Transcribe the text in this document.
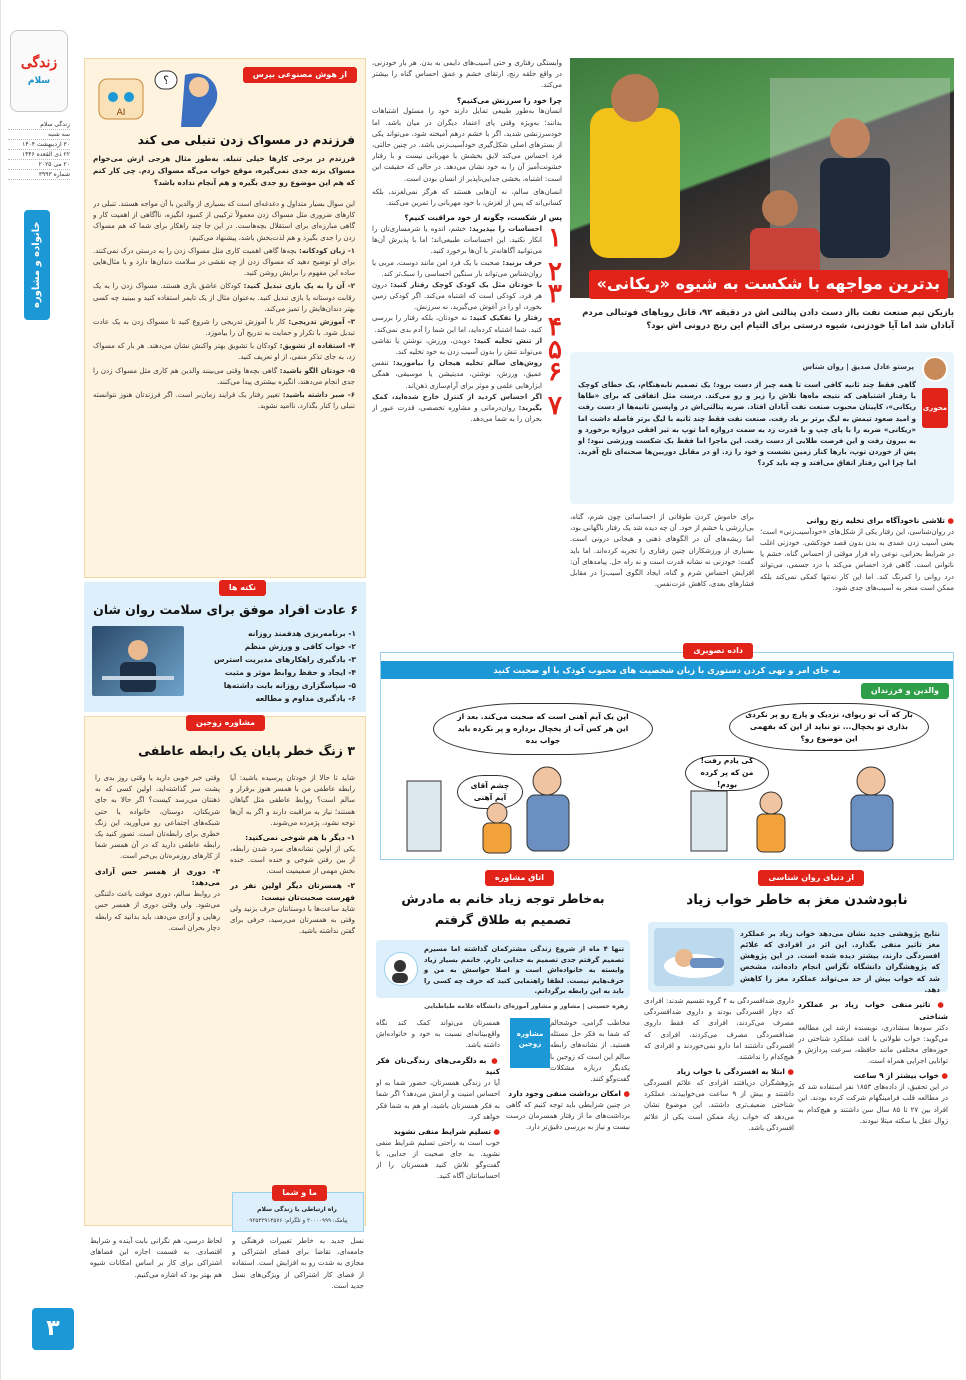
زندگی
سلام
زندگی سلام
سه شنبه
۳۰ اردیبهشت ۱۴۰۴
۲۲ ذی القعده ۱۴۴۶
۲۰ می ۲۰۲۵
شماره ۳۹۹۳
خانواده و مشاوره
۳
AI
؟	از هوش مصنوعی بپرس
فرزندم در مسواک زدن تنبلی می کند
فرزندم در برخی کارها خیلی تنبله. به‌طور مثال هرجی ازش می‌خوام مسواک بزنه جدی نمی‌گیره، موقع خواب می‌گه مسواک زدم. چی کار کنم که هم این موضوع رو جدی بگیره و هم آنجام نداده باشد؟

این سوال بسیار متداول و دغدغه‌ای است که بسیاری از والدین با آن مواجه هستند. تنبلی در کارهای ضروری مثل مسواک زدن معمولاً ترکیبی از کمبود انگیزه، ناآگاهی از اهمیت کار و گاهی مبارزه‌ای برای استقلال بچه‌هاست. در این جا چند راهکار برای شما که هم مسواک زدن را جدی بگیرد و هم لذت‌بخش باشد، پیشنهاد می‌کنیم:

۱- زبان کودکانه: بچه‌ها گاهی اهمیت کاری مثل مسواک زدن را به درستی درک نمی‌کنند. برای او توضیح دهید که مسواک زدن از چه نقشی در سلامت دندان‌ها دارد و با مثال‌هایی ساده این مفهوم را برایش روشن کنید.

۲- آن را به یک بازی تبدیل کنید: کودکان عاشق بازی هستند. مسواک زدن را به یک رقابت دوستانه یا بازی تبدیل کنید. به‌عنوان مثال از یک تایمر استفاده کنید و ببینید چه کسی بهتر دندان‌هایش را تمیز می‌کند.

۳- آموزش تدریجی: کار با آموزش تدریجی را شروع کنید تا مسواک زدن به یک عادت تبدیل شود. با تکرار و حمایت به تدریج آن را بیاموزد.

۴- استفاده از تشویق: کودکان با تشویق بهتر واکنش نشان می‌دهند. هر بار که مسواک زد، به جای تذکر منفی، از او تعریف کنید.

۵- خودتان الگو باشید: گاهی بچه‌ها وقتی می‌بینند والدین هم کاری مثل مسواک زدن را جدی انجام می‌دهند، انگیزه بیشتری پیدا می‌کنند.

۶- صبر داشته باشید: تغییر رفتار یک فرایند زمان‌بر است. اگر فرزندتان هنوز نتوانسته تنبلی را کنار بگذارد، ناامید نشوید.

نکته ها
۶ عادت افراد موفق برای سلامت روان شان
۱- برنامه‌ریزی هدفمند روزانه
۲- خواب کافی و ورزش منظم
۳- یادگیری راهکارهای مدیریت استرس
۴- ایجاد و حفظ روابط موثر و مثبت
۵- سپاسگزاری روزانه بابت داشته‌ها
۶- یادگیری مداوم و مطالعه
مشاوره زوجین
۳ زنگ خطر پایان یک رابطه عاطفی

شاید تا حالا از خودتان پرسیده باشید: آیا رابطه عاطفی من با همسر هنوز برقرار و سالم است؟ روابط عاطفی مثل گیاهان هستند؛ نیاز به مراقبت دارند و اگر به آن‌ها توجه نشود، پژمرده می‌شوند.

۱- دیگر با هم شوخی نمی‌کنید:

یکی از اولین نشانه‌های سرد شدن رابطه، از بین رفتن شوخی و خنده است. خنده بخش مهمی از صمیمیت است.

۲- همسرتان دیگر اولین نفر در فهرست صحبت‌تان نیست:

شاید ساعت‌ها با دوستانتان حرف بزنید ولی وقتی به همسرتان می‌رسید، حرفی برای گفتن نداشته باشید.

وقتی خبر خوبی دارید یا وقتی روز بدی را پشت سر گذاشته‌اید، اولین کسی که به ذهنتان می‌رسد کیست؟ اگر حالا به جای شریکتان، دوستان، خانواده یا حتی شبکه‌های اجتماعی رو می‌آورید، این زنگ خطری برای رابطه‌تان است. تصور کنید یک رابطه عاطفی دارید که در آن همسر شما از کارهای روزمره‌تان بی‌خبر است.

۳- دوری از همسر حس آزادی می‌دهد:

در روابط سالم، دوری موقت باعث دلتنگی می‌شود. ولی وقتی دوری از همسر حس رهایی و آزادی می‌دهد، باید بدانید که رابطه دچار بحران است.

نسل جدید به خاطر تغییرات فرهنگی و جامعه‌ای، تقاضا برای فضای اشتراکی و مجازی به شدت رو به افزایش است. استفاده از فضای کار اشتراکی از ویژگی‌های نسل جدید است.
لحاظ درسی، هم نگرانی بابت آینده و شرایط اقتصادی. به قسمت اجاره این فضاهای اشتراکی برای کار بر اساس امکانات شیوه هم بهتر بود که اشاره می‌کنیم.
بدترین مواجهه با شکست به شیوه «ریکانی»
بازیکن تیم صنعت نفت بااز دست دادن پنالتی اش در دقیقه ۹۲، قاتل رویاهای فوتبالی مردم آبادان شد اما آیا خودزنی، شیوه درستی برای التیام این رنج درونی اش بود؟
پرستو عادل صدیق | روان شناس
محوری
گاهی فقط چند ثانیه کافی است تا همه چیز از دست برود؛ یک تصمیم نابه‌هنگام، یک خطای کوچک یا رفتار اشتباهی که نتیجه ماه‌ها تلاش را زیر و رو می‌کند. درست مثل اتفاقی که برای «طاها ریکانی»، کاپیتان محبوب صنعت نفت آبادان افتاد. ضربه پنالتی‌اش در واپسین ثانیه‌ها از دست رفت و امید صعود تیمش به لیگ برتر بر باد رفت. صنعت نفت فقط چند ثانیه با لیگ برتر فاصله داشت اما «ریکانی» ضربه را با پای چپ و با قدرت زد به سمت دروازه اما توپ به تیر افقی دروازه برخورد و به بیرون رفت و این فرصت طلایی از دست رفت. این ماجرا اما فقط یک شکست ورزشی نبود؛ او پس از خوردن توپ، بارها کنار زمین نشست و خود را زد. او در مقابل دوربین‌ها صحنه‌ای تلخ آفرید. اما چرا این رفتار اتفاق می‌افتد و چه باید کرد؟

وابستگی رفتاری و حتی آسیب‌های دایمی به بدن. هر بار خودزنی، در واقع حلقه رنج، ارتقای خشم و عمق احساس گناه را بیشتر می‌کند.

چرا خود را سرزنش می‌کنیم؟

انسان‌ها به‌طور طبیعی تمایل دارند خود را مسئول اشتباهات بدانند؛ به‌ویژه وقتی پای اعتماد دیگران در میان باشد. اما خودسرزنشی شدید، اگر با خشم درهم آمیخته شود، می‌تواند یکی از بسترهای اصلی شکل‌گیری خودآسیب‌زنی باشد. در چنین حالتی، فرد احساس می‌کند لایق بخشش یا مهربانی نیست و با رفتار خشونت‌آمیز آن را به خود نشان می‌دهد. در حالی که حقیقت این است: اشتباه، بخشی جدایی‌ناپذیر از انسان بودن است.

انسان‌های سالم، نه آن‌هایی هستند که هرگز نمی‌لغزند، بلکه کسانی‌اند که پس از لغزش، با خود مهربانی را تمرین می‌کنند.

پس از شکست، چگونه از خود مراقبت کنیم؟
۱
احساسات را بپذیرید: خشم، اندوه یا شرمساری‌تان را انکار نکنید. این احساسات طبیعی‌اند؛ اما با پذیرش آن‌ها می‌توانید آگاهانه‌تر با آن‌ها برخورد کنید.
۲
حرف بزنید: صحبت با یک فرد امن مانند دوست، مربی یا روان‌شناس می‌تواند بار سنگین احساسی را سبک‌تر کند.
۳
با خودتان مثل یک کودک کوچک رفتار کنید: درون هر فرد، کودکی است که اشتباه می‌کند. اگر کودکی زمین بخورد، او را در آغوش می‌گیرید، نه سرزنش.
۴
رفتار را تفکیک کنید: نه خودتان، بلکه رفتار را بررسی کنید. شما اشتباه کرده‌اید، اما این شما را آدم بدی نمی‌کند.
۵
از تنش تخلیه کنید: دویدن، ورزش، نوشتن یا نقاشی می‌تواند تنش را بدون آسیب زدن به خود تخلیه کند.
۶
روش‌های سالم تخلیه هیجان را بیاموزید: تنفس عمیق، ورزش، نوشتن، مدیتیشن یا موسیقی، همگی ابزارهایی علمی و موثر برای آرام‌سازی ذهن‌اند.
۷
اگر احساس کردید از کنترل خارج شده‌اید، کمک بگیرید: روان‌درمانی و مشاوره تخصصی، قدرت عبور از بحران را به شما می‌دهد.
● تلاشی ناخودآگاه برای تخلیه رنج روانی

در روان‌شناسی، این رفتار یکی از شکل‌های «خودآسیب‌زنی» است؛ یعنی آسیب زدن عمدی به بدن بدون قصد خودکشی. خودزنی اغلب در شرایط بحرانی، نوعی راه فرار موقتی از احساس گناه، خشم یا ناتوانی است. گاهی فرد احساس می‌کند با درد جسمی، می‌تواند درد روانی را کمرنگ کند. اما این کار نه‌تنها کمکی نمی‌کند بلکه ممکن است منجر به آسیب‌های جدی شود.

برای خاموش کردن طوفانی از احساساتی چون شرم، گناه، بی‌ارزشی یا خشم از خود. آن چه دیده شد یک رفتار ناگهانی بود، اما ریشه‌های آن در الگوهای ذهنی و هیجانی درونی است. بسیاری از ورزشکاران چنین رفتاری را تجربه کرده‌اند. اما باید گفت: خودزنی نه نشانه قدرت است و نه راه حل. پیامدهای آن: افزایش احساس شرم و گناه، ایجاد الگوی آسیب‌زا در مقابل فشارهای بعدی، کاهش عزت‌نفس.

داده تصویری
به جای امر و نهی کردن دستوری با زبان شخصیت های محبوب کودک با او صحبت کنید
والدین و فرزندان
بار که آب تو ریوای، نزدیک و پارچ رو پر نکردی بذاری تو یخچال... تو نباید از این که بفهمی این موضوع رو؟
کی یادم رفت! من که پر کرده بودم!
این یک آیم آهنی است که صحبت می‌کند. بعد از این هر کس آب از یخچال برداره و پر نکرده باید جواب بده
چشم آقای آیم آهنی
از دنیای روان شناسی
نابودشدن مغز به خاطر خواب زیاد
نتایج پژوهشی جدید نشان می‌دهد خواب زیاد بر عملکرد مغز تاثیر منفی بگذارد. این اثر در افرادی که علائم افسردگی دارند، بیشتر دیده شده است. در این پژوهش که پژوهشگران دانشگاه تگزاس انجام داده‌اند، مشخص شد که خواب بیش از حد می‌تواند عملکرد مغز را کاهش دهد.
● تاثیر منفی خواب زیاد بر عملکرد شناختی

دکتر سودها سشادری، نویسنده ارشد این مطالعه می‌گوید: خواب طولانی با افت عملکرد شناختی در حوزه‌های مختلفی مانند حافظه، سرعت پردازش و توانایی اجرایی همراه است.

● خواب بیشتر از ۹ ساعت

در این تحقیق، از داده‌های ۱۸۵۳ نفر استفاده شد که در مطالعه قلب فرامینگهام شرکت کرده بودند. این افراد بین ۲۷ تا ۸۵ سال سن داشتند و هیچ‌کدام به زوال عقل یا سکته مبتلا نبودند.

داروی ضدافسردگی به ۴ گروه تقسیم شدند: افرادی که دچار افسردگی بودند و داروی ضدافسردگی مصرف می‌کردند، افرادی که فقط داروی ضدافسردگی مصرف می‌کردند، افرادی که افسردگی داشتند اما دارو نمی‌خوردند و افرادی که هیچ‌کدام را نداشتند.

● ابتلا به افسردگی با خواب زیاد

پژوهشگران دریافتند افرادی که علائم افسردگی داشتند و بیش از ۹ ساعت می‌خوابیدند، عملکرد شناختی ضعیف‌تری داشتند. این موضوع نشان می‌دهد که خواب زیاد ممکن است یکی از علائم افسردگی باشد.

اتاق مشاوره
به‌خاطر توجه زیاد خانم به مادرش تصمیم به طلاق گرفتم
تنها ۴ ماه از شروع زندگی مشترکمان گذاشته اما مسیرم تصمیم گرفتم جدی تصمیم به جدایی دارم. خانمم بسیار زیاد وابسته به خانواده‌اش است و اصلا حواسش به من و حرف‌هایم نیست. لطفا راهنمایی کنید که حرف چه کسی را باید به این رابطه برگردانم.
زهره حسینی | مشاور و مشاور آموزه‌ای دانشگاه علامه طباطبایی
مشاوره زوجین

مخاطب گرامی، خوشحالم که شما به فکر حل مسئله هستید. از نشانه‌های رابطه سالم این است که زوجین با یکدیگر درباره مشکلات گفت‌وگو کنند.

● امکان برداشت منفی وجود دارد

در چنین شرایطی باید توجه کنیم که گاهی برداشت‌های ما از رفتار همسرمان درست نیست و نیاز به بررسی دقیق‌تر دارد.

همسرتان می‌تواند کمک کند نگاه واقع‌بینانه‌ای نسبت به خود و خانواده‌اش داشته باشد.

● به دلگرمی‌های زندگی‌تان فکر کنید

آیا در زندگی همسرتان، حضور شما به او احساس امنیت و آرامش می‌دهد؟ اگر شما به فکر همسرتان باشید، او هم به شما فکر خواهد کرد.

● تسلیم شرایط منفی نشوید

خوب است به راحتی تسلیم شرایط منفی نشوید. به جای صحبت از جدایی، با گفت‌وگو تلاش کنید همسرتان را از احساساتتان آگاه کنید.

ما و شما
راه ارتباطی با زندگی سلام
پیامک: ۳۰۰۰۰۹۹۹ و تلگرام: ۰۹۳۵۴۳۹۱۴۵۷۶
